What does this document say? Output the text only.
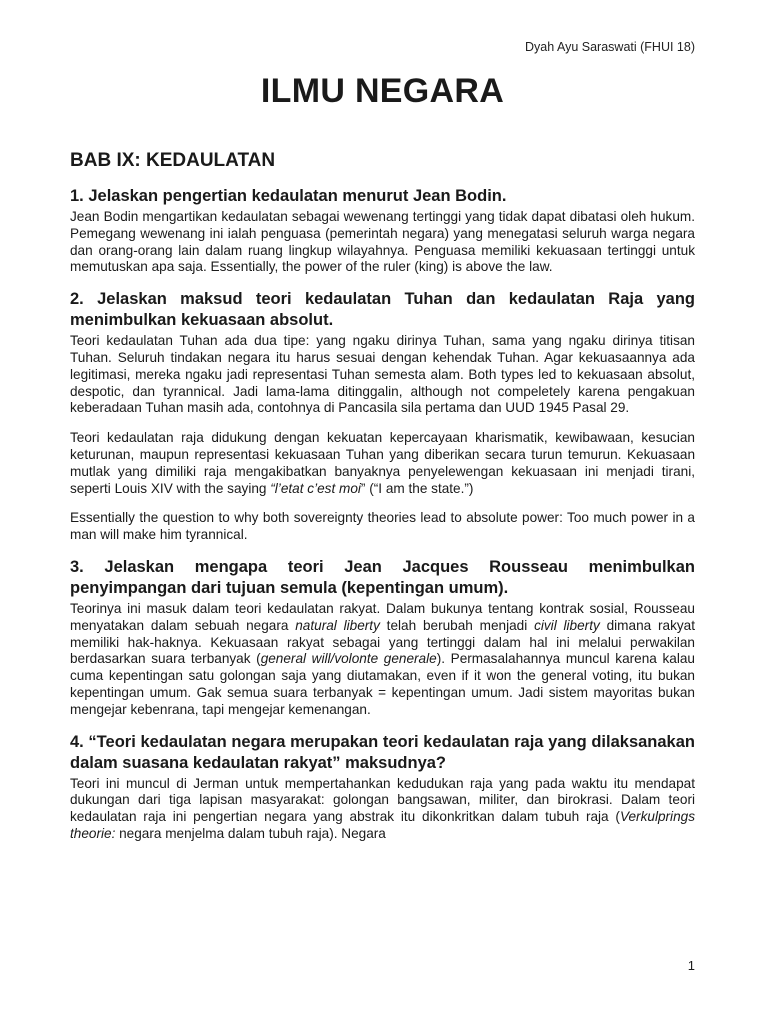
Dyah Ayu Saraswati (FHUI 18)
ILMU NEGARA
BAB IX: KEDAULATAN
1. Jelaskan pengertian kedaulatan menurut Jean Bodin.
Jean Bodin mengartikan kedaulatan sebagai wewenang tertinggi yang tidak dapat dibatasi oleh hukum. Pemegang wewenang ini ialah penguasa (pemerintah negara) yang menegatasi seluruh warga negara dan orang-orang lain dalam ruang lingkup wilayahnya. Penguasa memiliki kekuasaan tertinggi untuk memutuskan apa saja. Essentially, the power of the ruler (king) is above the law.
2. Jelaskan maksud teori kedaulatan Tuhan dan kedaulatan Raja yang menimbulkan kekuasaan absolut.
Teori kedaulatan Tuhan ada dua tipe: yang ngaku dirinya Tuhan, sama yang ngaku dirinya titisan Tuhan. Seluruh tindakan negara itu harus sesuai dengan kehendak Tuhan. Agar kekuasaannya ada legitimasi, mereka ngaku jadi representasi Tuhan semesta alam. Both types led to kekuasaan absolut, despotic, dan tyrannical. Jadi lama-lama ditinggalin, although not compeletely karena pengakuan keberadaan Tuhan masih ada, contohnya di Pancasila sila pertama dan UUD 1945 Pasal 29.
Teori kedaulatan raja didukung dengan kekuatan kepercayaan kharismatik, kewibawaan, kesucian keturunan, maupun representasi kekuasaan Tuhan yang diberikan secara turun temurun. Kekuasaan mutlak yang dimiliki raja mengakibatkan banyaknya penyelewengan kekuasaan ini menjadi tirani, seperti Louis XIV with the saying “l’etat c’est moi” (“I am the state.”)
Essentially the question to why both sovereignty theories lead to absolute power: Too much power in a man will make him tyrannical.
3. Jelaskan mengapa teori Jean Jacques Rousseau menimbulkan penyimpangan dari tujuan semula (kepentingan umum).
Teorinya ini masuk dalam teori kedaulatan rakyat. Dalam bukunya tentang kontrak sosial, Rousseau menyatakan dalam sebuah negara natural liberty telah berubah menjadi civil liberty dimana rakyat memiliki hak-haknya. Kekuasaan rakyat sebagai yang tertinggi dalam hal ini melalui perwakilan berdasarkan suara terbanyak (general will/volonte generale). Permasalahannya muncul karena kalau cuma kepentingan satu golongan saja yang diutamakan, even if it won the general voting, itu bukan kepentingan umum. Gak semua suara terbanyak = kepentingan umum. Jadi sistem mayoritas bukan mengejar kebenrana, tapi mengejar kemenangan.
4. “Teori kedaulatan negara merupakan teori kedaulatan raja yang dilaksanakan dalam suasana kedaulatan rakyat” maksudnya?
Teori ini muncul di Jerman untuk mempertahankan kedudukan raja yang pada waktu itu mendapat dukungan dari tiga lapisan masyarakat: golongan bangsawan, militer, dan birokrasi. Dalam teori kedaulatan raja ini pengertian negara yang abstrak itu dikonkritkan dalam tubuh raja (Verkulprings theorie: negara menjelma dalam tubuh raja). Negara
1
